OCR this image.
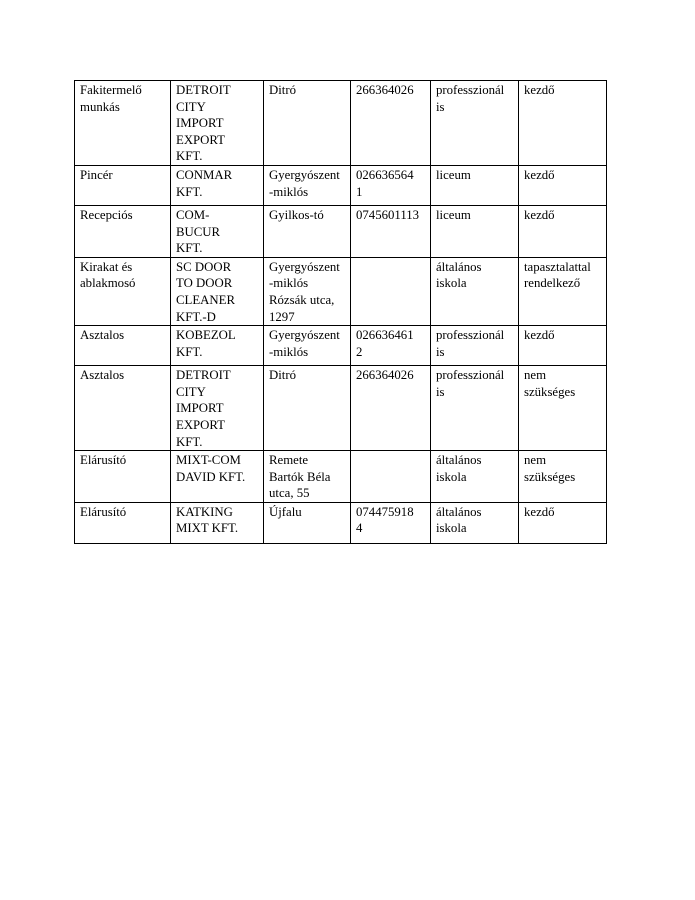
Fakitermelő
munkás	DETROIT
CITY
IMPORT
EXPORT
KFT.	Ditró	266364026	professzionál
is	kezdő

Pincér	CONMAR
KFT.	Gyergyószent
-miklós	026636564
1	liceum	kezdő

Recepciós	COM-
BUCUR
KFT.	Gyilkos-tó	0745601113	liceum	kezdő

Kirakat és
ablakmosó	SC DOOR
TO DOOR
CLEANER
KFT.-D	Gyergyószent
-miklós
Rózsák utca,
1297		általános
iskola	tapasztalattal
rendelkező

Asztalos	KOBEZOL
KFT.	Gyergyószent
-miklós	026636461
2	professzionál
is	kezdő

Asztalos	DETROIT
CITY
IMPORT
EXPORT
KFT.	Ditró	266364026	professzionál
is	nem
szükséges

Elárusító	MIXT-COM
DAVID KFT.	Remete
Bartók Béla
utca, 55		általános
iskola	nem
szükséges

Elárusító	KATKING
MIXT KFT.	Újfalu	074475918
4	általános
iskola	kezdő
